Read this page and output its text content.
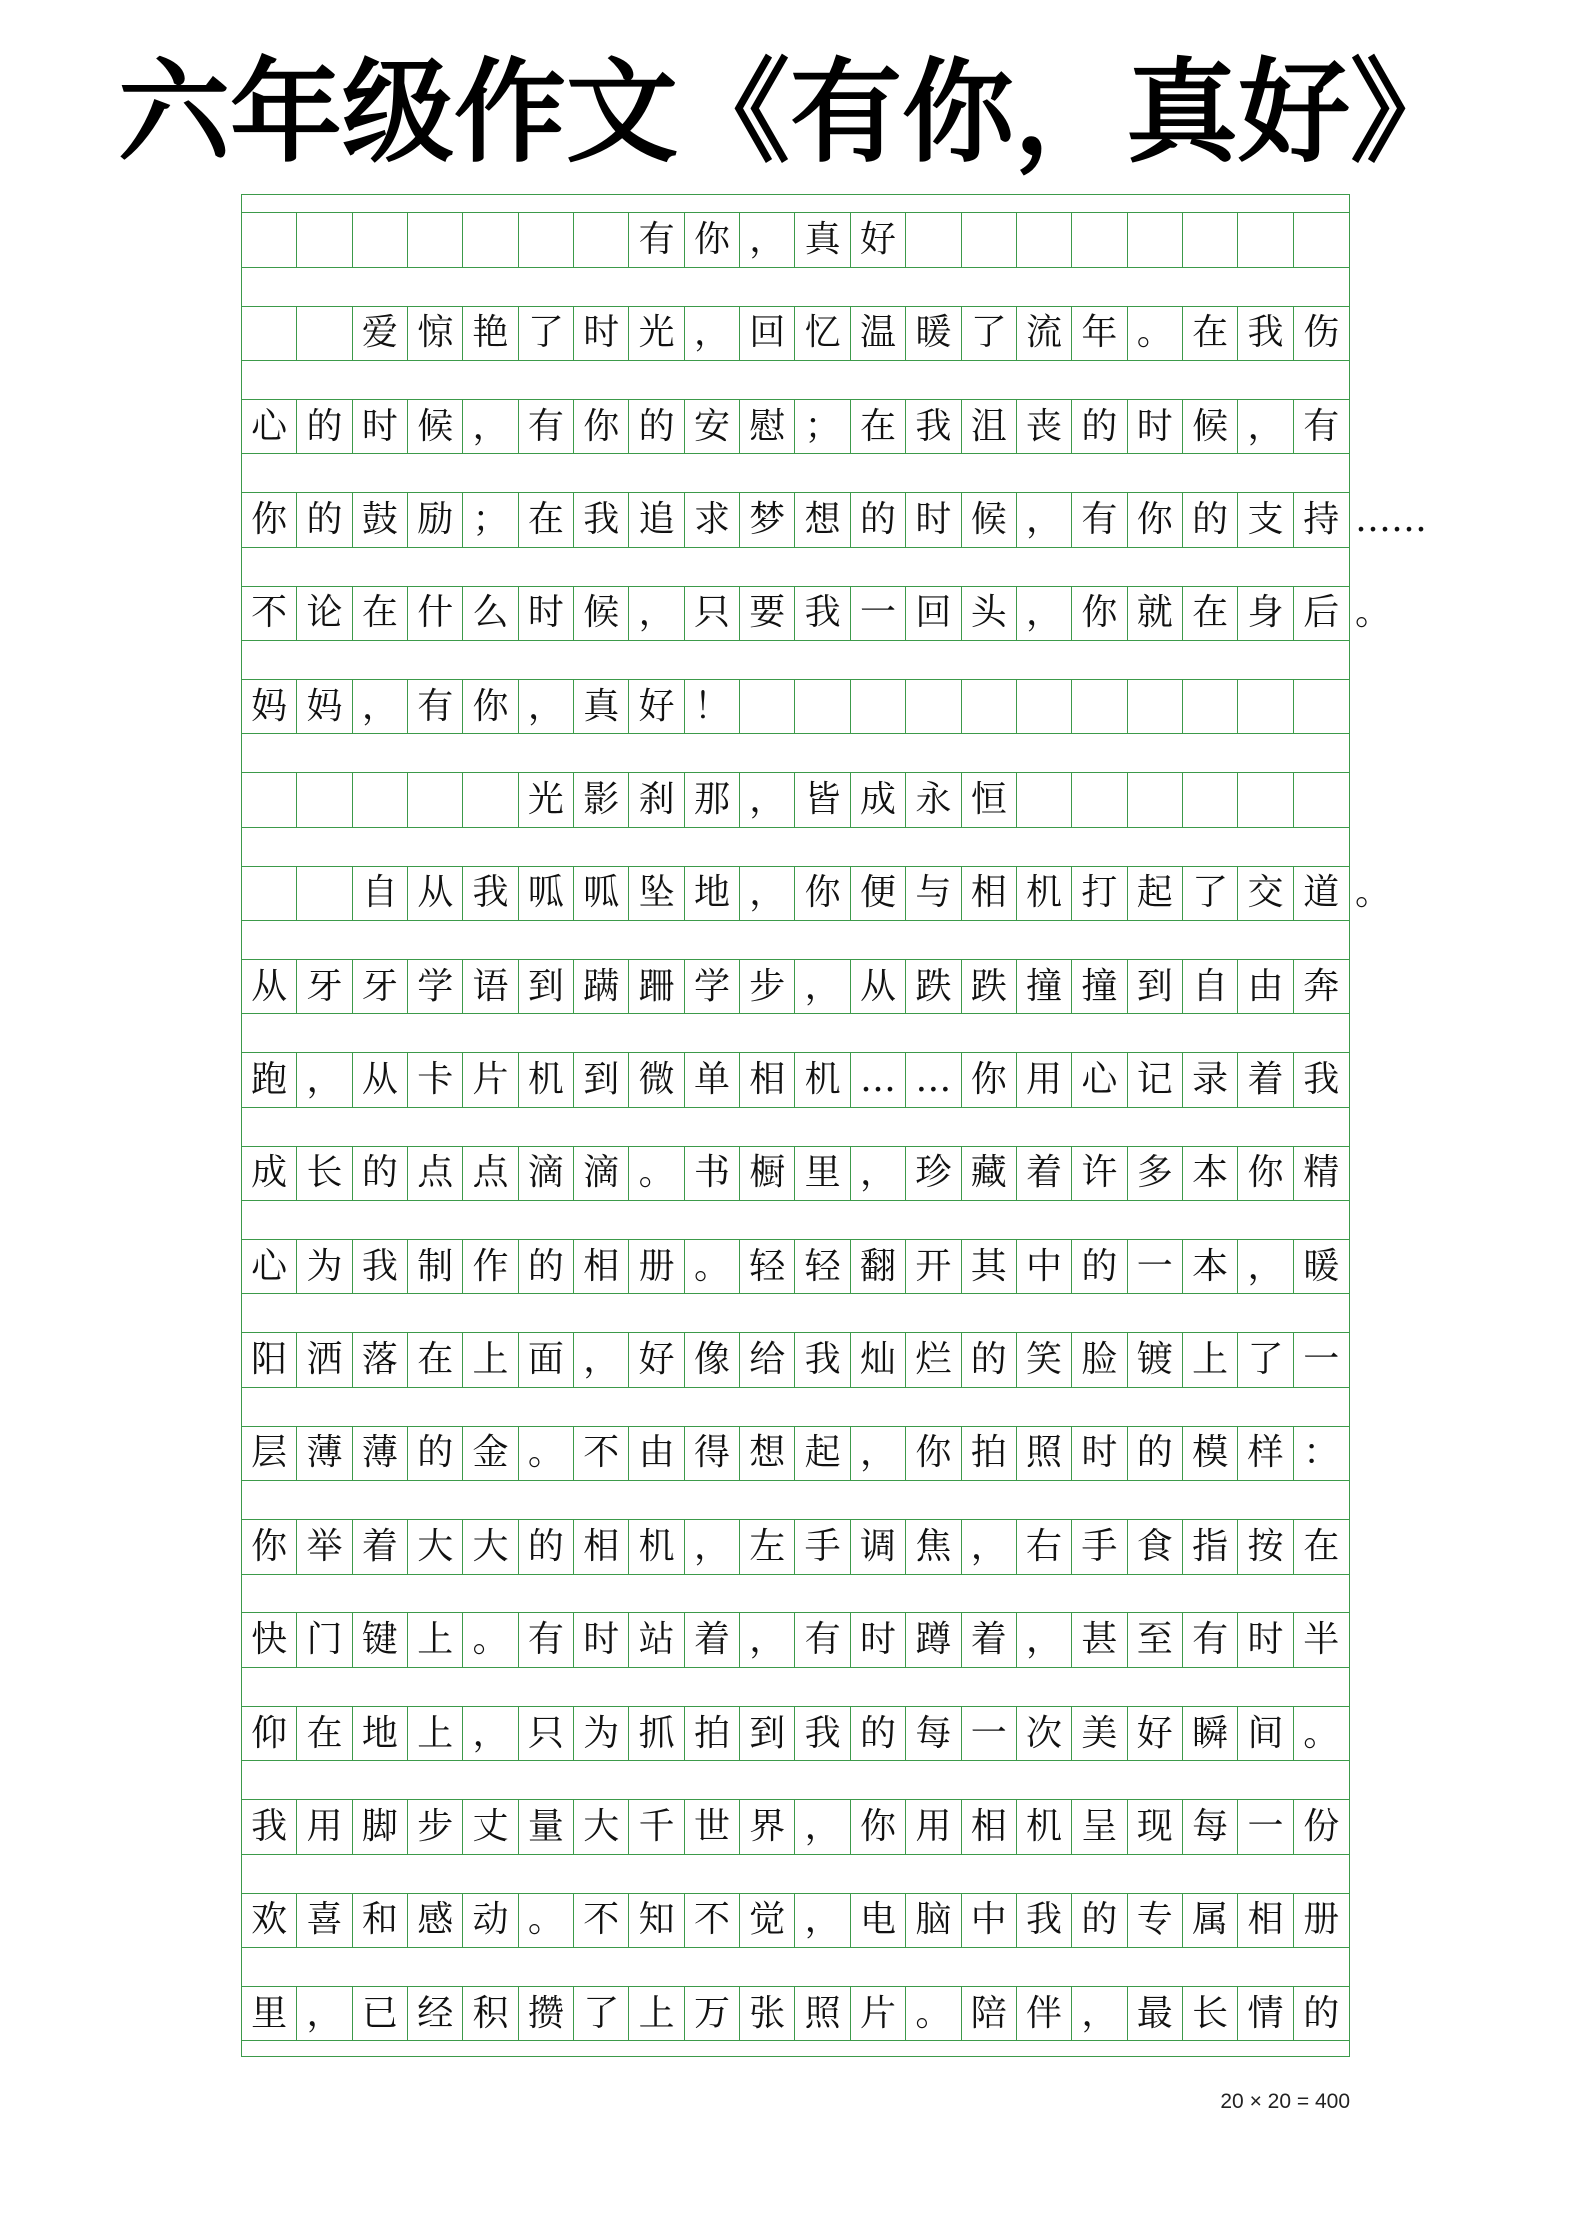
六年级作文《有你，真好》
有 你 ， 真 好
爱 惊 艳 了 时 光 ， 回 忆 温 暖 了 流 年 。 在 我 伤
心 的 时 候 ， 有 你 的 安 慰 ； 在 我 沮 丧 的 时 候 ， 有
你 的 鼓 励 ； 在 我 追 求 梦 想 的 时 候 ， 有 你 的 支 持 ……
不 论 在 什 么 时 候 ， 只 要 我 一 回 头 ， 你 就 在 身 后 。
妈 妈 ， 有 你 ， 真 好 ！
光 影 刹 那 ， 皆 成 永 恒
自 从 我 呱 呱 坠 地 ， 你 便 与 相 机 打 起 了 交 道 。
从 牙 牙 学 语 到 蹒 跚 学 步 ， 从 跌 跌 撞 撞 到 自 由 奔
跑 ， 从 卡 片 机 到 微 单 相 机 … … 你 用 心 记 录 着 我
成 长 的 点 点 滴 滴 。 书 橱 里 ， 珍 藏 着 许 多 本 你 精
心 为 我 制 作 的 相 册 。 轻 轻 翻 开 其 中 的 一 本 ， 暖
阳 洒 落 在 上 面 ， 好 像 给 我 灿 烂 的 笑 脸 镀 上 了 一
层 薄 薄 的 金 。 不 由 得 想 起 ， 你 拍 照 时 的 模 样 ：
你 举 着 大 大 的 相 机 ， 左 手 调 焦 ， 右 手 食 指 按 在
快 门 键 上 。 有 时 站 着 ， 有 时 蹲 着 ， 甚 至 有 时 半
仰 在 地 上 ， 只 为 抓 拍 到 我 的 每 一 次 美 好 瞬 间 。
我 用 脚 步 丈 量 大 千 世 界 ， 你 用 相 机 呈 现 每 一 份
欢 喜 和 感 动 。 不 知 不 觉 ， 电 脑 中 我 的 专 属 相 册
里 ， 已 经 积 攒 了 上 万 张 照 片 。 陪 伴 ， 最 长 情 的
20 × 20 = 400
